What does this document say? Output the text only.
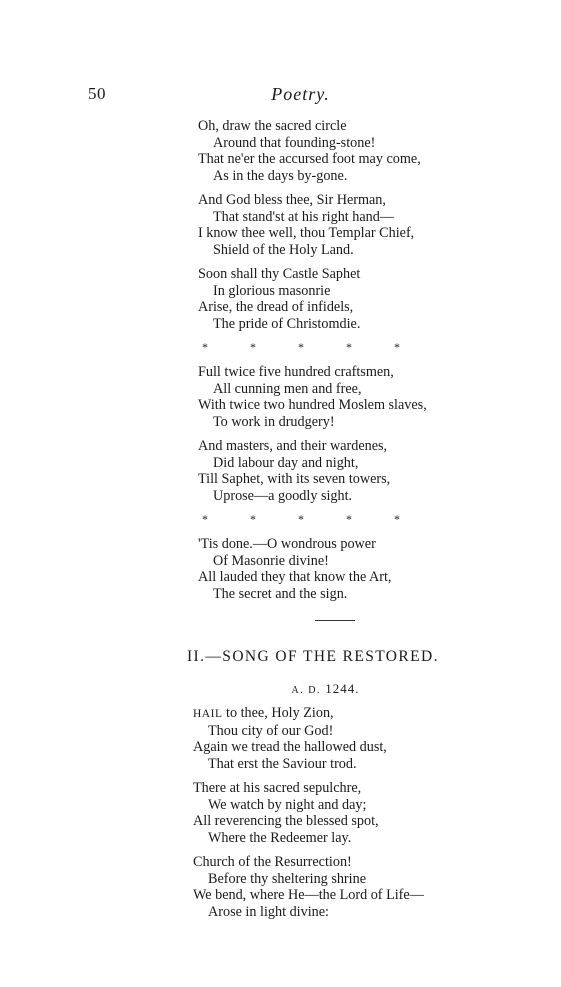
50	Poetry.
Oh, draw the sacred circle
Around that founding-stone!
That ne'er the accursed foot may come,
As in the days by-gone.
And God bless thee, Sir Herman,
That stand'st at his right hand—
I know thee well, thou Templar Chief,
Shield of the Holy Land.
Soon shall thy Castle Saphet
In glorious masonrie
Arise, the dread of infidels,
The pride of Christomdie.
*	*	*	*	*
Full twice five hundred craftsmen,
All cunning men and free,
With twice two hundred Moslem slaves,
To work in drudgery!
And masters, and their wardenes,
Did labour day and night,
Till Saphet, with its seven towers,
Uprose—a goodly sight.
*	*	*	*	*
'Tis done.—O wondrous power
Of Masonrie divine!
All lauded they that know the Art,
The secret and the sign.
II.—SONG OF THE RESTORED.
A. D. 1244.
HAIL to thee, Holy Zion,
Thou city of our God!
Again we tread the hallowed dust,
That erst the Saviour trod.
There at his sacred sepulchre,
We watch by night and day;
All reverencing the blessed spot,
Where the Redeemer lay.
Church of the Resurrection!
Before thy sheltering shrine
We bend, where He—the Lord of Life—
Arose in light divine:
